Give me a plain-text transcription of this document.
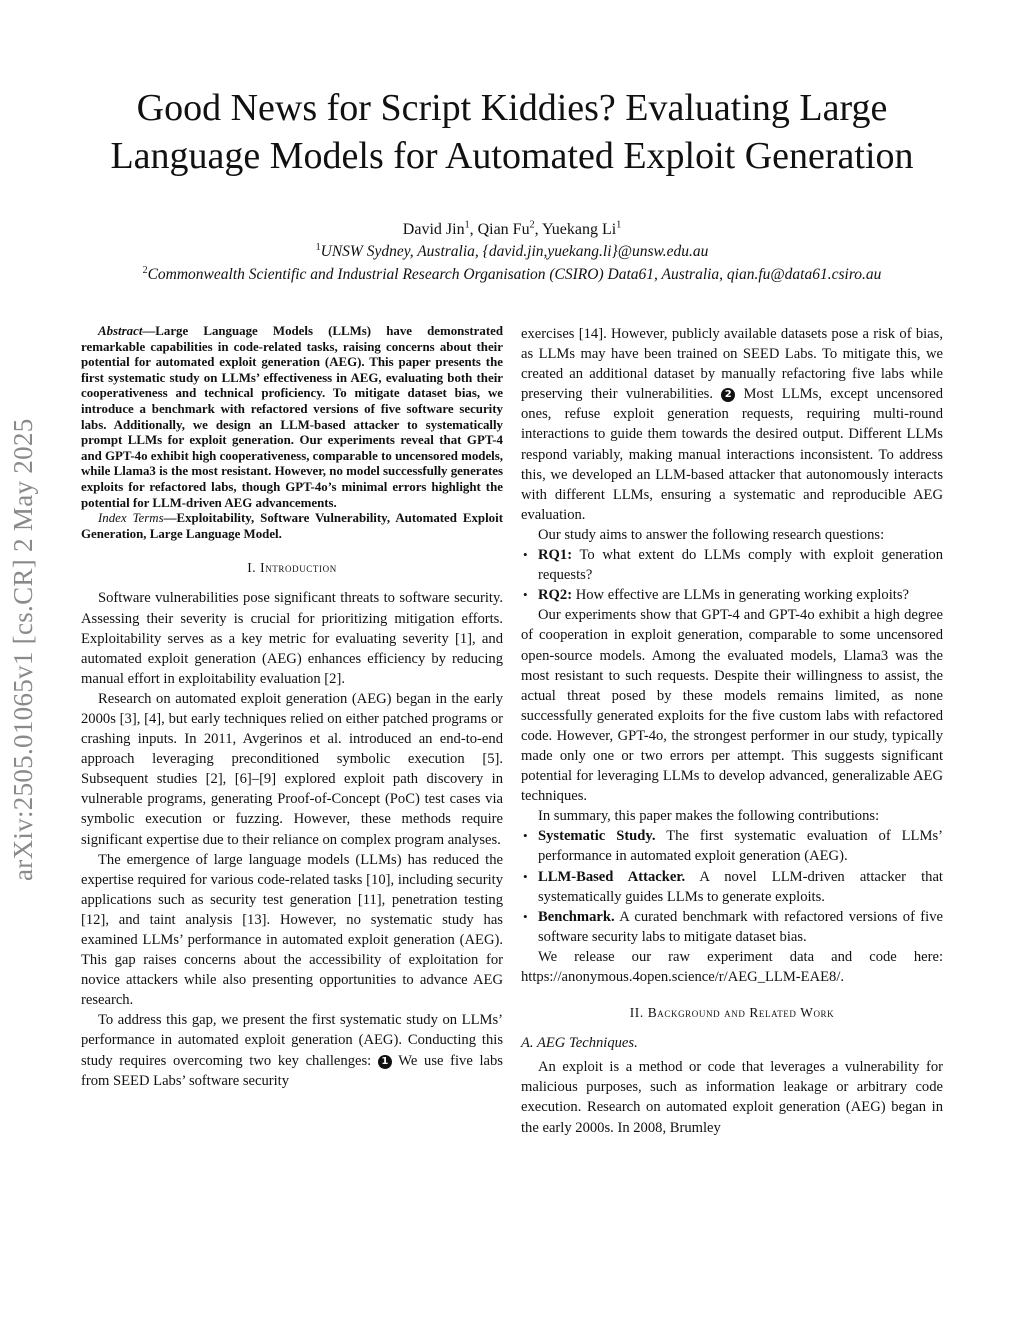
arXiv:2505.01065v1 [cs.CR] 2 May 2025
Good News for Script Kiddies? Evaluating Large
Language Models for Automated Exploit Generation
David Jin$^1$, Qian Fu$^2$, Yuekang Li$^1$
$^1$UNSW Sydney, Australia, {david.jin,yuekang.li}@unsw.edu.au
$^2$Commonwealth Scientific and Industrial Research Organisation (CSIRO) Data61, Australia, qian.fu@data61.csiro.au

Abstract—Large Language Models (LLMs) have demonstrated remarkable capabilities in code-related tasks, raising concerns about their potential for automated exploit generation (AEG). This paper presents the first systematic study on LLMs’ effectiveness in AEG, evaluating both their cooperativeness and technical proficiency. To mitigate dataset bias, we introduce a benchmark with refactored versions of five software security labs. Additionally, we design an LLM-based attacker to systematically prompt LLMs for exploit generation. Our experiments reveal that GPT-4 and GPT-4o exhibit high cooperativeness, comparable to uncensored models, while Llama3 is the most resistant. However, no model successfully generates exploits for refactored labs, though GPT-4o’s minimal errors highlight the potential for LLM-driven AEG advancements.

Index Terms—Exploitability, Software Vulnerability, Automated Exploit Generation, Large Language Model.

I. Introduction

Software vulnerabilities pose significant threats to software security. Assessing their severity is crucial for prioritizing mitigation efforts. Exploitability serves as a key metric for evaluating severity [1], and automated exploit generation (AEG) enhances efficiency by reducing manual effort in exploitability evaluation [2].

Research on automated exploit generation (AEG) began in the early 2000s [3], [4], but early techniques relied on either patched programs or crashing inputs. In 2011, Avgerinos et al. introduced an end-to-end approach leveraging preconditioned symbolic execution [5]. Subsequent studies [2], [6]–[9] explored exploit path discovery in vulnerable programs, generating Proof-of-Concept (PoC) test cases via symbolic execution or fuzzing. However, these methods require significant expertise due to their reliance on complex program analyses.

The emergence of large language models (LLMs) has reduced the expertise required for various code-related tasks [10], including security applications such as security test generation [11], penetration testing [12], and taint analysis [13]. However, no systematic study has examined LLMs’ performance in automated exploit generation (AEG). This gap raises concerns about the accessibility of exploitation for novice attackers while also presenting opportunities to advance AEG research.

To address this gap, we present the first systematic study on LLMs’ performance in automated exploit generation (AEG). Conducting this study requires overcoming two key challenges: 1 We use five labs from SEED Labs’ software security

exercises [14]. However, publicly available datasets pose a risk of bias, as LLMs may have been trained on SEED Labs. To mitigate this, we created an additional dataset by manually refactoring five labs while preserving their vulnerabilities. 2 Most LLMs, except uncensored ones, refuse exploit generation requests, requiring multi-round interactions to guide them towards the desired output. Different LLMs respond variably, making manual interactions inconsistent. To address this, we developed an LLM-based attacker that autonomously interacts with different LLMs, ensuring a systematic and reproducible AEG evaluation.

Our study aims to answer the following research questions:

• RQ1: To what extent do LLMs comply with exploit generation requests?
• RQ2: How effective are LLMs in generating working exploits?

Our experiments show that GPT-4 and GPT-4o exhibit a high degree of cooperation in exploit generation, comparable to some uncensored open-source models. Among the evaluated models, Llama3 was the most resistant to such requests. Despite their willingness to assist, the actual threat posed by these models remains limited, as none successfully generated exploits for the five custom labs with refactored code. However, GPT-4o, the strongest performer in our study, typically made only one or two errors per attempt. This suggests significant potential for leveraging LLMs to develop advanced, generalizable AEG techniques.

In summary, this paper makes the following contributions:

• Systematic Study. The first systematic evaluation of LLMs’ performance in automated exploit generation (AEG).
• LLM-Based Attacker. A novel LLM-driven attacker that systematically guides LLMs to generate exploits.
• Benchmark. A curated benchmark with refactored versions of five software security labs to mitigate dataset bias.

We release our raw experiment data and code here: https://anonymous.4open.science/r/AEG_LLM-EAE8/.

II. Background and Related Work

A. AEG Techniques.

An exploit is a method or code that leverages a vulnerability for malicious purposes, such as information leakage or arbitrary code execution. Research on automated exploit generation (AEG) began in the early 2000s. In 2008, Brumley
